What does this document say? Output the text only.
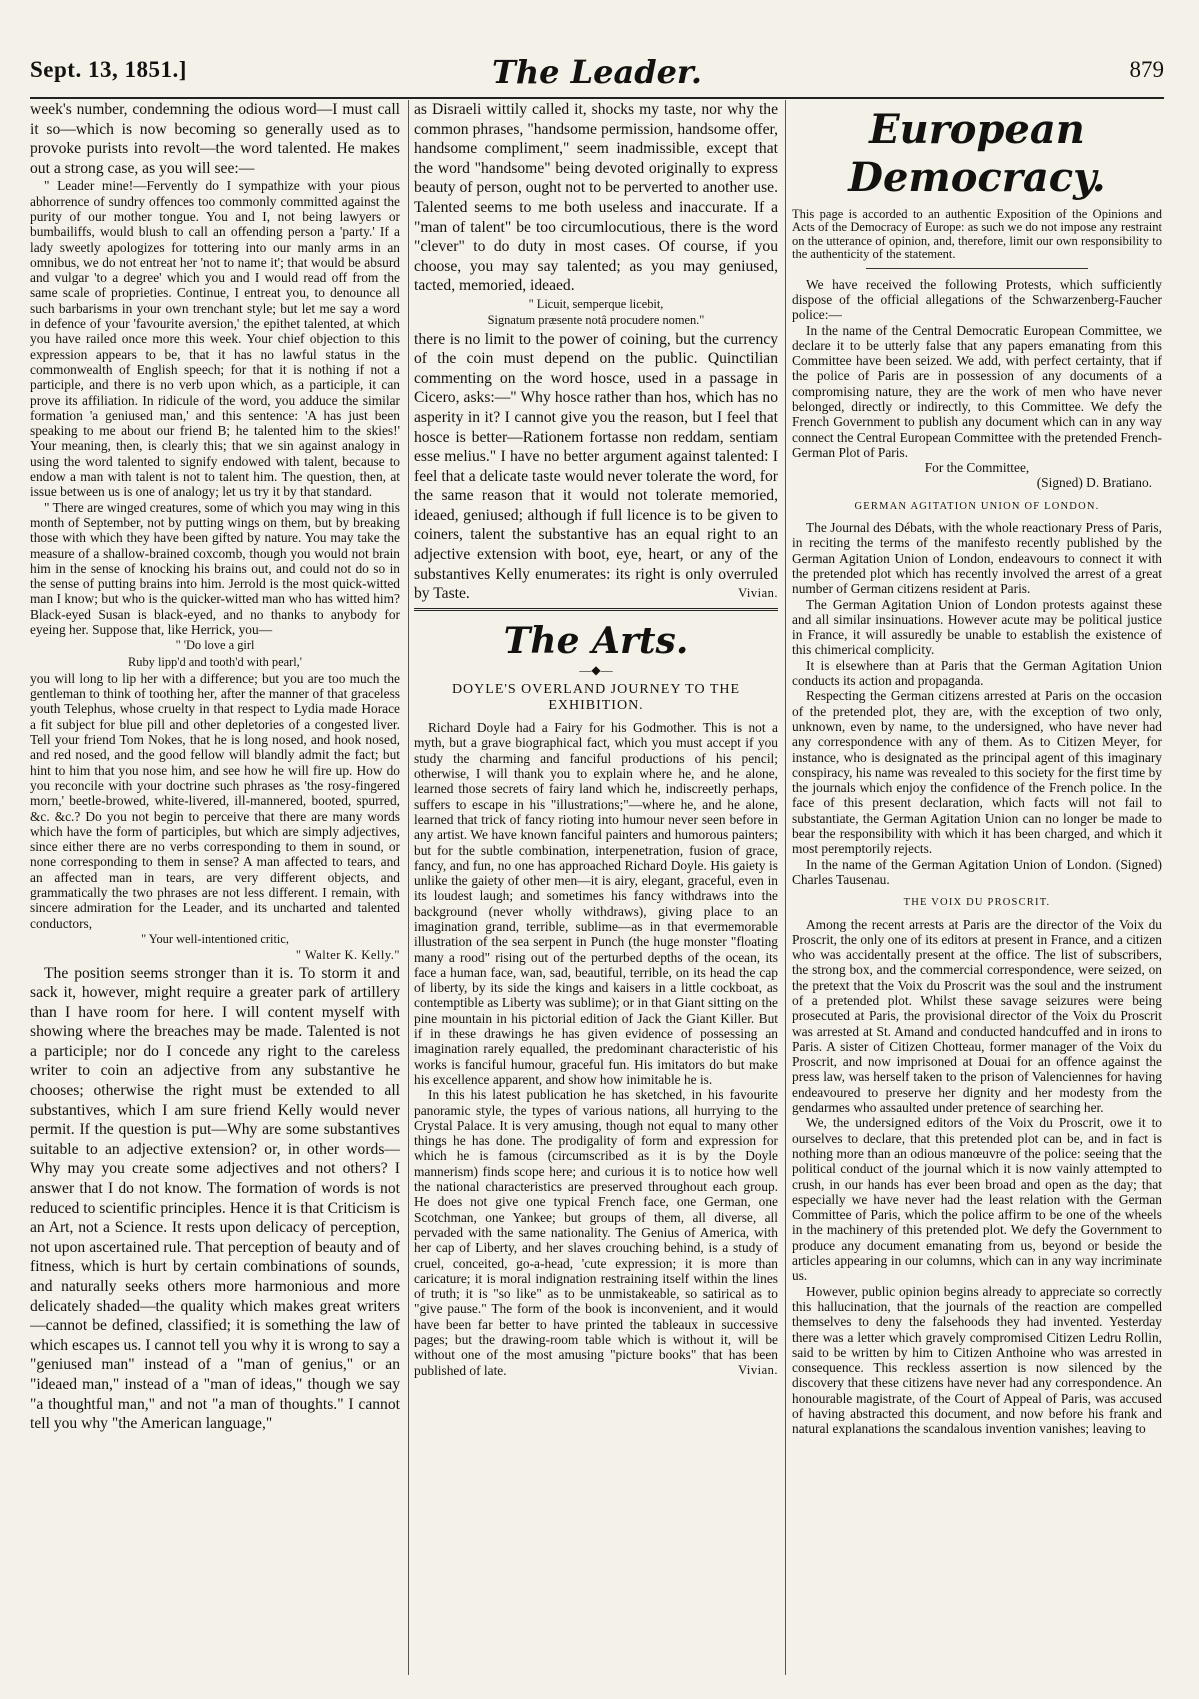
Sept. 13, 1851.]	The Leader.	879

week's number, condemning the odious word—I must call it so—which is now becoming so generally used as to provoke purists into revolt—the word talented. He makes out a strong case, as you will see:—

" Leader mine!—Fervently do I sympathize with your pious abhorrence of sundry offences too commonly committed against the purity of our mother tongue. You and I, not being lawyers or bumbailiffs, would blush to call an offending person a 'party.' If a lady sweetly apologizes for tottering into our manly arms in an omnibus, we do not entreat her 'not to name it'; that would be absurd and vulgar 'to a degree' which you and I would read off from the same scale of proprieties. Continue, I entreat you, to denounce all such barbarisms in your own trenchant style; but let me say a word in defence of your 'favourite aversion,' the epithet talented, at which you have railed once more this week. Your chief objection to this expression appears to be, that it has no lawful status in the commonwealth of English speech; for that it is nothing if not a participle, and there is no verb upon which, as a participle, it can prove its affiliation. In ridicule of the word, you adduce the similar formation 'a geniused man,' and this sentence: 'A has just been speaking to me about our friend B; he talented him to the skies!' Your meaning, then, is clearly this; that we sin against analogy in using the word talented to signify endowed with talent, because to endow a man with talent is not to talent him. The question, then, at issue between us is one of analogy; let us try it by that standard.

" There are winged creatures, some of which you may wing in this month of September, not by putting wings on them, but by breaking those with which they have been gifted by nature. You may take the measure of a shallow-brained coxcomb, though you would not brain him in the sense of knocking his brains out, and could not do so in the sense of putting brains into him. Jerrold is the most quick-witted man I know; but who is the quicker-witted man who has witted him? Black-eyed Susan is black-eyed, and no thanks to anybody for eyeing her. Suppose that, like Herrick, you—

" 'Do love a girl
Ruby lipp'd and tooth'd with pearl,'

you will long to lip her with a difference; but you are too much the gentleman to think of toothing her, after the manner of that graceless youth Telephus, whose cruelty in that respect to Lydia made Horace a fit subject for blue pill and other depletories of a congested liver. Tell your friend Tom Nokes, that he is long nosed, and hook nosed, and red nosed, and the good fellow will blandly admit the fact; but hint to him that you nose him, and see how he will fire up. How do you reconcile with your doctrine such phrases as 'the rosy-fingered morn,' beetle-browed, white-livered, ill-mannered, booted, spurred, &c. &c.? Do you not begin to perceive that there are many words which have the form of participles, but which are simply adjectives, since either there are no verbs corresponding to them in sound, or none corresponding to them in sense? A man affected to tears, and an affected man in tears, are very different objects, and grammatically the two phrases are not less different. I remain, with sincere admiration for the Leader, and its uncharted and talented conductors,

" Your well-intentioned critic,
" Walter K. Kelly."

The position seems stronger than it is. To storm it and sack it, however, might require a greater park of artillery than I have room for here. I will content myself with showing where the breaches may be made. Talented is not a participle; nor do I concede any right to the careless writer to coin an adjective from any substantive he chooses; otherwise the right must be extended to all substantives, which I am sure friend Kelly would never permit. If the question is put—Why are some substantives suitable to an adjective extension? or, in other words—Why may you create some adjectives and not others? I answer that I do not know. The formation of words is not reduced to scientific principles. Hence it is that Criticism is an Art, not a Science. It rests upon delicacy of perception, not upon ascertained rule. That perception of beauty and of fitness, which is hurt by certain combinations of sounds, and naturally seeks others more harmonious and more delicately shaded—the quality which makes great writers—cannot be defined, classified; it is something the law of which escapes us. I cannot tell you why it is wrong to say a "geniused man" instead of a "man of genius," or an "ideaed man," instead of a "man of ideas," though we say "a thoughtful man," and not "a man of thoughts." I cannot tell you why "the American language,"

as Disraeli wittily called it, shocks my taste, nor why the common phrases, "handsome permission, handsome offer, handsome compliment," seem inadmissible, except that the word "handsome" being devoted originally to express beauty of person, ought not to be perverted to another use. Talented seems to me both useless and inaccurate. If a "man of talent" be too circumlocutious, there is the word "clever" to do duty in most cases. Of course, if you choose, you may say talented; as you may geniused, tacted, memoried, ideaed.

" Licuit, semperque licebit,
Signatum præsente notâ procudere nomen."

there is no limit to the power of coining, but the currency of the coin must depend on the public. Quinctilian commenting on the word hosce, used in a passage in Cicero, asks:—" Why hosce rather than hos, which has no asperity in it? I cannot give you the reason, but I feel that hosce is better—Rationem fortasse non reddam, sentiam esse melius." I have no better argument against talented: I feel that a delicate taste would never tolerate the word, for the same reason that it would not tolerate memoried, ideaed, geniused; although if full licence is to be given to coiners, talent the substantive has an equal right to an adjective extension with boot, eye, heart, or any of the substantives Kelly enumerates: its right is only overruled by Taste.	Vivian.

The Arts.
—◆—
DOYLE'S OVERLAND JOURNEY TO THE EXHIBITION.

Richard Doyle had a Fairy for his Godmother. This is not a myth, but a grave biographical fact, which you must accept if you study the charming and fanciful productions of his pencil; otherwise, I will thank you to explain where he, and he alone, learned those secrets of fairy land which he, indiscreetly perhaps, suffers to escape in his "illustrations;"—where he, and he alone, learned that trick of fancy rioting into humour never seen before in any artist. We have known fanciful painters and humorous painters; but for the subtle combination, interpenetration, fusion of grace, fancy, and fun, no one has approached Richard Doyle. His gaiety is unlike the gaiety of other men—it is airy, elegant, graceful, even in its loudest laugh; and sometimes his fancy withdraws into the background (never wholly withdraws), giving place to an imagination grand, terrible, sublime—as in that evermemorable illustration of the sea serpent in Punch (the huge monster "floating many a rood" rising out of the perturbed depths of the ocean, its face a human face, wan, sad, beautiful, terrible, on its head the cap of liberty, by its side the kings and kaisers in a little cockboat, as contemptible as Liberty was sublime); or in that Giant sitting on the pine mountain in his pictorial edition of Jack the Giant Killer. But if in these drawings he has given evidence of possessing an imagination rarely equalled, the predominant characteristic of his works is fanciful humour, graceful fun. His imitators do but make his excellence apparent, and show how inimitable he is.

In this his latest publication he has sketched, in his favourite panoramic style, the types of various nations, all hurrying to the Crystal Palace. It is very amusing, though not equal to many other things he has done. The prodigality of form and expression for which he is famous (circumscribed as it is by the Doyle mannerism) finds scope here; and curious it is to notice how well the national characteristics are preserved throughout each group. He does not give one typical French face, one German, one Scotchman, one Yankee; but groups of them, all diverse, all pervaded with the same nationality. The Genius of America, with her cap of Liberty, and her slaves crouching behind, is a study of cruel, conceited, go-a-head, 'cute expression; it is more than caricature; it is moral indignation restraining itself within the lines of truth; it is "so like" as to be unmistakeable, so satirical as to "give pause." The form of the book is inconvenient, and it would have been far better to have printed the tableaux in successive pages; but the drawing-room table which is without it, will be without one of the most amusing "picture books" that has been published of late.	Vivian.

European Democracy.

This page is accorded to an authentic Exposition of the Opinions and Acts of the Democracy of Europe: as such we do not impose any restraint on the utterance of opinion, and, therefore, limit our own responsibility to the authenticity of the statement.

We have received the following Protests, which sufficiently dispose of the official allegations of the Schwarzenberg-Faucher police:—

In the name of the Central Democratic European Committee, we declare it to be utterly false that any papers emanating from this Committee have been seized. We add, with perfect certainty, that if the police of Paris are in possession of any documents of a compromising nature, they are the work of men who have never belonged, directly or indirectly, to this Committee. We defy the French Government to publish any document which can in any way connect the Central European Committee with the pretended French-German Plot of Paris.

For the Committee,
(Signed) D. Bratiano.
GERMAN AGITATION UNION OF LONDON.

The Journal des Débats, with the whole reactionary Press of Paris, in reciting the terms of the manifesto recently published by the German Agitation Union of London, endeavours to connect it with the pretended plot which has recently involved the arrest of a great number of German citizens resident at Paris.

The German Agitation Union of London protests against these and all similar insinuations. However acute may be political justice in France, it will assuredly be unable to establish the existence of this chimerical complicity.

It is elsewhere than at Paris that the German Agitation Union conducts its action and propaganda.

Respecting the German citizens arrested at Paris on the occasion of the pretended plot, they are, with the exception of two only, unknown, even by name, to the undersigned, who have never had any correspondence with any of them. As to Citizen Meyer, for instance, who is designated as the principal agent of this imaginary conspiracy, his name was revealed to this society for the first time by the journals which enjoy the confidence of the French police. In the face of this present declaration, which facts will not fail to substantiate, the German Agitation Union can no longer be made to bear the responsibility with which it has been charged, and which it most peremptorily rejects.

In the name of the German Agitation Union of London. (Signed) Charles Tausenau.

THE VOIX DU PROSCRIT.

Among the recent arrests at Paris are the director of the Voix du Proscrit, the only one of its editors at present in France, and a citizen who was accidentally present at the office. The list of subscribers, the strong box, and the commercial correspondence, were seized, on the pretext that the Voix du Proscrit was the soul and the instrument of a pretended plot. Whilst these savage seizures were being prosecuted at Paris, the provisional director of the Voix du Proscrit was arrested at St. Amand and conducted handcuffed and in irons to Paris. A sister of Citizen Chotteau, former manager of the Voix du Proscrit, and now imprisoned at Douai for an offence against the press law, was herself taken to the prison of Valenciennes for having endeavoured to preserve her dignity and her modesty from the gendarmes who assaulted under pretence of searching her.

We, the undersigned editors of the Voix du Proscrit, owe it to ourselves to declare, that this pretended plot can be, and in fact is nothing more than an odious manœuvre of the police: seeing that the political conduct of the journal which it is now vainly attempted to crush, in our hands has ever been broad and open as the day; that especially we have never had the least relation with the German Committee of Paris, which the police affirm to be one of the wheels in the machinery of this pretended plot. We defy the Government to produce any document emanating from us, beyond or beside the articles appearing in our columns, which can in any way incriminate us.

However, public opinion begins already to appreciate so correctly this hallucination, that the journals of the reaction are compelled themselves to deny the falsehoods they had invented. Yesterday there was a letter which gravely compromised Citizen Ledru Rollin, said to be written by him to Citizen Anthoine who was arrested in consequence. This reckless assertion is now silenced by the discovery that these citizens have never had any correspondence. An honourable magistrate, of the Court of Appeal of Paris, was accused of having abstracted this document, and now before his frank and natural explanations the scandalous invention vanishes; leaving to
